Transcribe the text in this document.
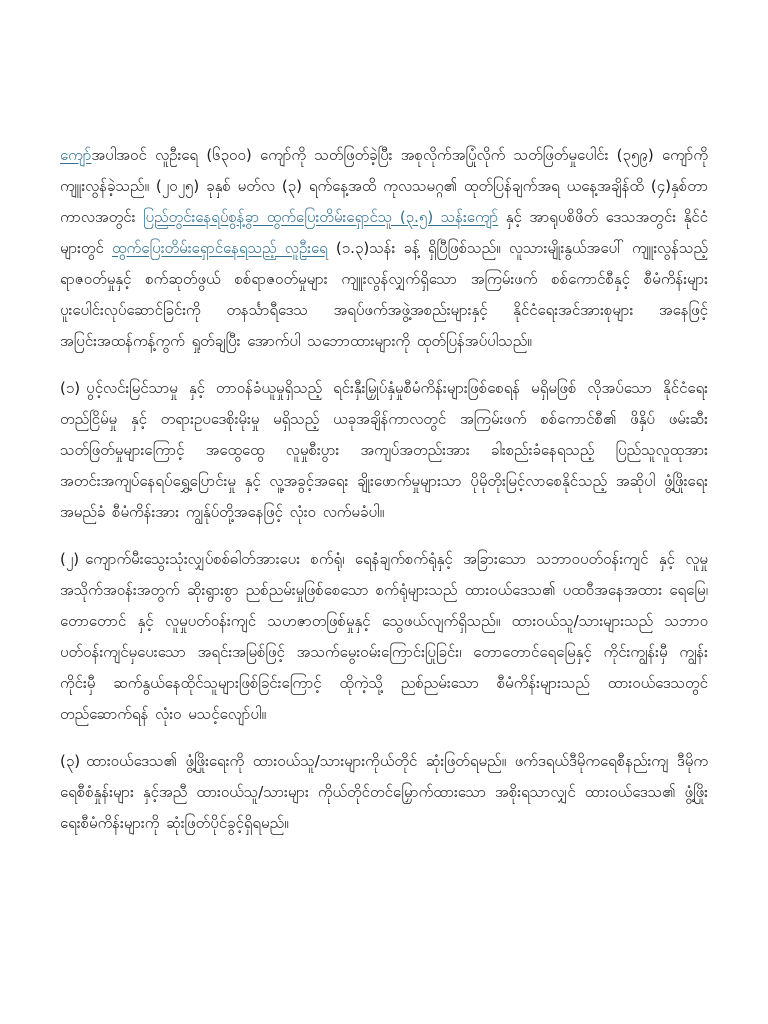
ကျော်အပါအဝင် လူဦးရေ (၆၃၀၀) ကျော်ကို သတ်ဖြတ်ခဲ့ပြီး အစုလိုက်အပြုံလိုက် သတ်ဖြတ်မှုပေါင်း (၃၅၉) ကျော်ကို ကျူးလွန်ခဲ့သည်။ (၂၀၂၅) ခုနှစ် မတ်လ (၃) ရက်နေ့အထိ ကုလသမဂ္ဂ၏ ထုတ်ပြန်ချက်အရ ယနေ့အချိန်ထိ (၄)နှစ်တာ ကာလအတွင်း ပြည်တွင်းနေရပ်စွန့်ခွာ ထွက်ပြေးတိမ်းရှောင်သူ (၃.၅) သန်းကျော် နှင့် အာရုပစိဖိတ် ဒေသအတွင်း နိုင်ငံများတွင် ထွက်ပြေးတိမ်းရှောင်နေရသည့် လူဦးရေ (၁.၃)သန်း ခန့် ရှိပြီဖြစ်သည်။ လူသားမျိုးနွယ်အပေါ် ကျူးလွန်သည့် ရာဇဝတ်မှုနှင့် စက်ဆုတ်ဖွယ် စစ်ရာဇဝတ်မှုများ ကျူးလွန်လျှက်ရှိသော အကြမ်းဖက် စစ်ကောင်စီနှင့် စီမံကိန်းများ ပူးပေါင်းလုပ်ဆောင်ခြင်းကို တနင်္သာရီဒေသ အရပ်ဖက်အဖွဲ့အစည်းများနှင့် နိုင်ငံရေးအင်အားစုများ အနေဖြင့် အပြင်းအထန်ကန့်ကွက် ရှုတ်ချပြီး အောက်ပါ သဘောထားများကို ထုတ်ပြန်အပ်ပါသည်။

(၁) ပွင့်လင်းမြင်သာမှု နှင့် တာဝန်ခံယူမှုရှိသည့် ရင်းနှီးမြှုပ်နှံမှုစီမံကိန်းများဖြစ်စေရန် မရှိမဖြစ် လိုအပ်သော နိုင်ငံရေးတည်ငြိမ်မှု နှင့် တရားဥပဒေစိုးမိုးမှု မရှိသည့် ယခုအချိန်ကာလတွင် အကြမ်းဖက် စစ်ကောင်စီ၏ ဖိနှိပ် ဖမ်းဆီး သတ်ဖြတ်မှုများကြောင့် အထွေထွေ လူမှုစီးပွား အကျပ်အတည်းအား ခါးစည်းခံနေရသည့် ပြည်သူလူထုအား အတင်းအကျပ်နေရပ်ရွှေ့ပြောင်းမှု နှင့် လူ့အခွင့်အရေး ချိုးဖောက်မှုများသာ ပိုမိုတိုးမြင့်လာစေနိုင်သည့် အဆိုပါ ဖွံ့ဖြိုးရေးအမည်ခံ စီမံကိန်းအား ကျွန်ုပ်တို့အနေဖြင့် လုံးဝ လက်မခံပါ။

(၂) ကျောက်မီးသွေးသုံးလျှပ်စစ်ဓါတ်အားပေး စက်ရုံ၊ ရေနံချက်စက်ရုံနှင့် အခြားသော သဘာဝပတ်ဝန်းကျင် နှင့် လူမှုအသိုက်အဝန်းအတွက် ဆိုးရွားစွာ ညစ်ညမ်းမှုဖြစ်စေသော စက်ရုံများသည် ထားဝယ်ဒေသ၏ ပထဝီအနေအထား ရေမြေ၊ တောတောင် နှင့် လူမှုပတ်ဝန်းကျင် သဟဇာတဖြစ်မှုနှင့် သွေဖယ်လျက်ရှိသည်။ ထားဝယ်သူ/သားများသည် သဘာဝပတ်ဝန်းကျင်မှပေးသော အရင်းအမြစ်ဖြင့် အသက်မွေးဝမ်းကြောင်းပြုခြင်း၊ တောတောင်ရေမြေနှင့် ကိုင်းကျွန်းမှီ ကျွန်းကိုင်းမှီ ဆက်နွယ်နေထိုင်သူများဖြစ်ခြင်းကြောင့် ထိုကဲ့သို့ ညစ်ညမ်းသော စီမံကိန်းများသည် ထားဝယ်ဒေသတွင် တည်ဆောက်ရန် လုံးဝ မသင့်လျော်ပါ။

(၃) ထားဝယ်ဒေသ၏ ဖွံ့ဖြိုးရေးကို ထားဝယ်သူ/သားများကိုယ်တိုင် ဆုံးဖြတ်ရမည်။ ဖက်ဒရယ်ဒီမိုကရေစီနည်းကျ ဒီမိုကရေစီစံနှုန်းများ နှင့်အညီ ထားဝယ်သူ/သားများ ကိုယ်တိုင်တင်မြှောက်ထားသော အစိုးရသာလျှင် ထားဝယ်ဒေသ၏ ဖွံ့ဖြိုးရေးစီမံကိန်းများကို ဆုံးဖြတ်ပိုင်ခွင့်ရှိရမည်။
